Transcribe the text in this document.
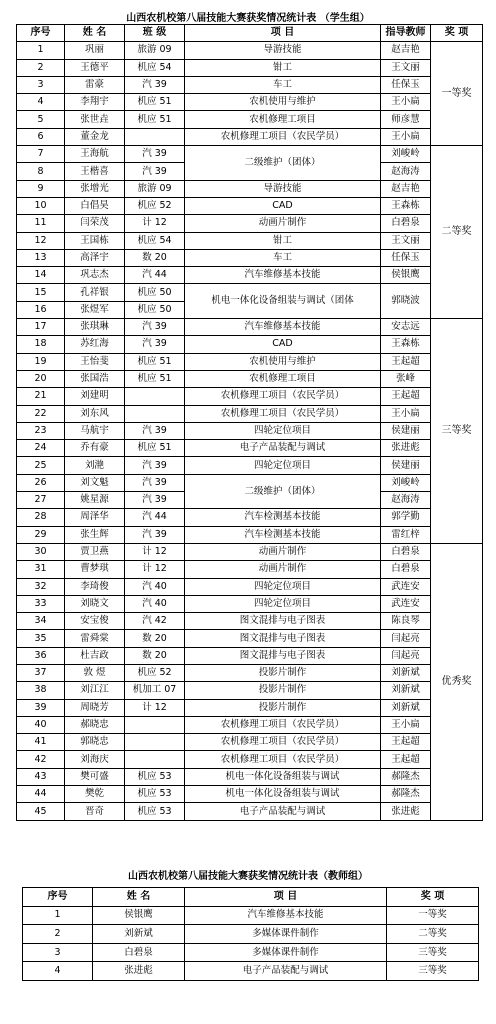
山西农机校第八届技能大赛获奖情况统计表 （学生组）
序号	姓 名	班 级	项 目	指导教师	奖 项
1	巩丽	旅游 09	导游技能	赵吉艳	一等奖
2	王德平	机应 54	钳工	王文丽	
3	雷豪	汽 39	车工	任保玉	
4	李翔宇	机应 51	农机使用与维护	王小扁	
5	张世垚	机应 51	农机修理工项目	师彦慧	
6	董金龙		农机修理工项目（农民学员）	王小扁	
7	王海航	汽 39	二级维护（团体）	刘峻岭	二等奖
8	王楷喜	汽 39		赵海涛	
9	张增光	旅游 09	导游技能	赵吉艳	
10	白倡昊	机应 52	CAD	王森栋	
11	闫荣茂	计 12	动画片制作	白碧泉	
12	王国栋	机应 54	钳工	王文丽	
13	高泽宇	数 20	车工	任保玉	
14	巩志杰	汽 44	汽车维修基本技能	侯银鹰	
15	孔祥银	机应 50	机电一体化设备组装与调试（团体	郭晓波	
16	张煜军	机应 50			
17	张琪琳	汽 39	汽车维修基本技能	安志远	三等奖
18	苏红海	汽 39	CAD	王森栋	
19	王怡斐	机应 51	农机使用与维护	王起超	
20	张国浩	机应 51	农机修理工项目	张峰	
21	刘建明		农机修理工项目（农民学员）	王起超	
22	刘东风		农机修理工项目（农民学员）	王小扁	
23	马航宇	汽 39	四轮定位项目	侯建丽	
24	乔有豪	机应 51	电子产品装配与调试	张进彪	
25	刘滟	汽 39	四轮定位项目	侯建丽	
26	刘文魁	汽 39	二级维护（团体）	刘峻岭	
27	姚星源	汽 39		赵海涛	
28	周泽华	汽 44	汽车检测基本技能	郭学勤	
29	张生辉	汽 39	汽车检测基本技能	雷红梓	
30	贾卫燕	计 12	动画片制作	白碧泉	优秀奖
31	曹梦琪	计 12	动画片制作	白碧泉	
32	李琦俊	汽 40	四轮定位项目	武连安	
33	刘晓文	汽 40	四轮定位项目	武连安	
34	安宝俊	汽 42	图文混排与电子图表	陈良琴	
35	雷舜棠	数 20	图文混排与电子图表	闫起亮	
36	杜吉政	数 20	图文混排与电子图表	闫起亮	
37	敦 煜	机应 52	投影片制作	刘新斌	
38	刘江江	机加工 07	投影片制作	刘新斌	
39	周晓芳	计 12	投影片制作	刘新斌	
40	郝晓忠		农机修理工项目（农民学员）	王小扁	
41	郭晓忠		农机修理工项目（农民学员）	王起超	
42	刘海庆		农机修理工项目（农民学员）	王起超	
43	樊可盛	机应 53	机电一体化设备组装与调试	郝隆杰	
44	樊乾	机应 53	机电一体化设备组装与调试	郝隆杰	
45	晋奇	机应 53	电子产品装配与调试	张进彪	
山西农机校第八届技能大赛获奖情况统计表（教师组）
序号	姓 名	项 目	奖 项
1	侯银鹰	汽车维修基本技能	一等奖
2	刘新斌	多媒体课件制作	二等奖
3	白碧泉	多媒体课件制作	三等奖
4	张进彪	电子产品装配与调试	三等奖
